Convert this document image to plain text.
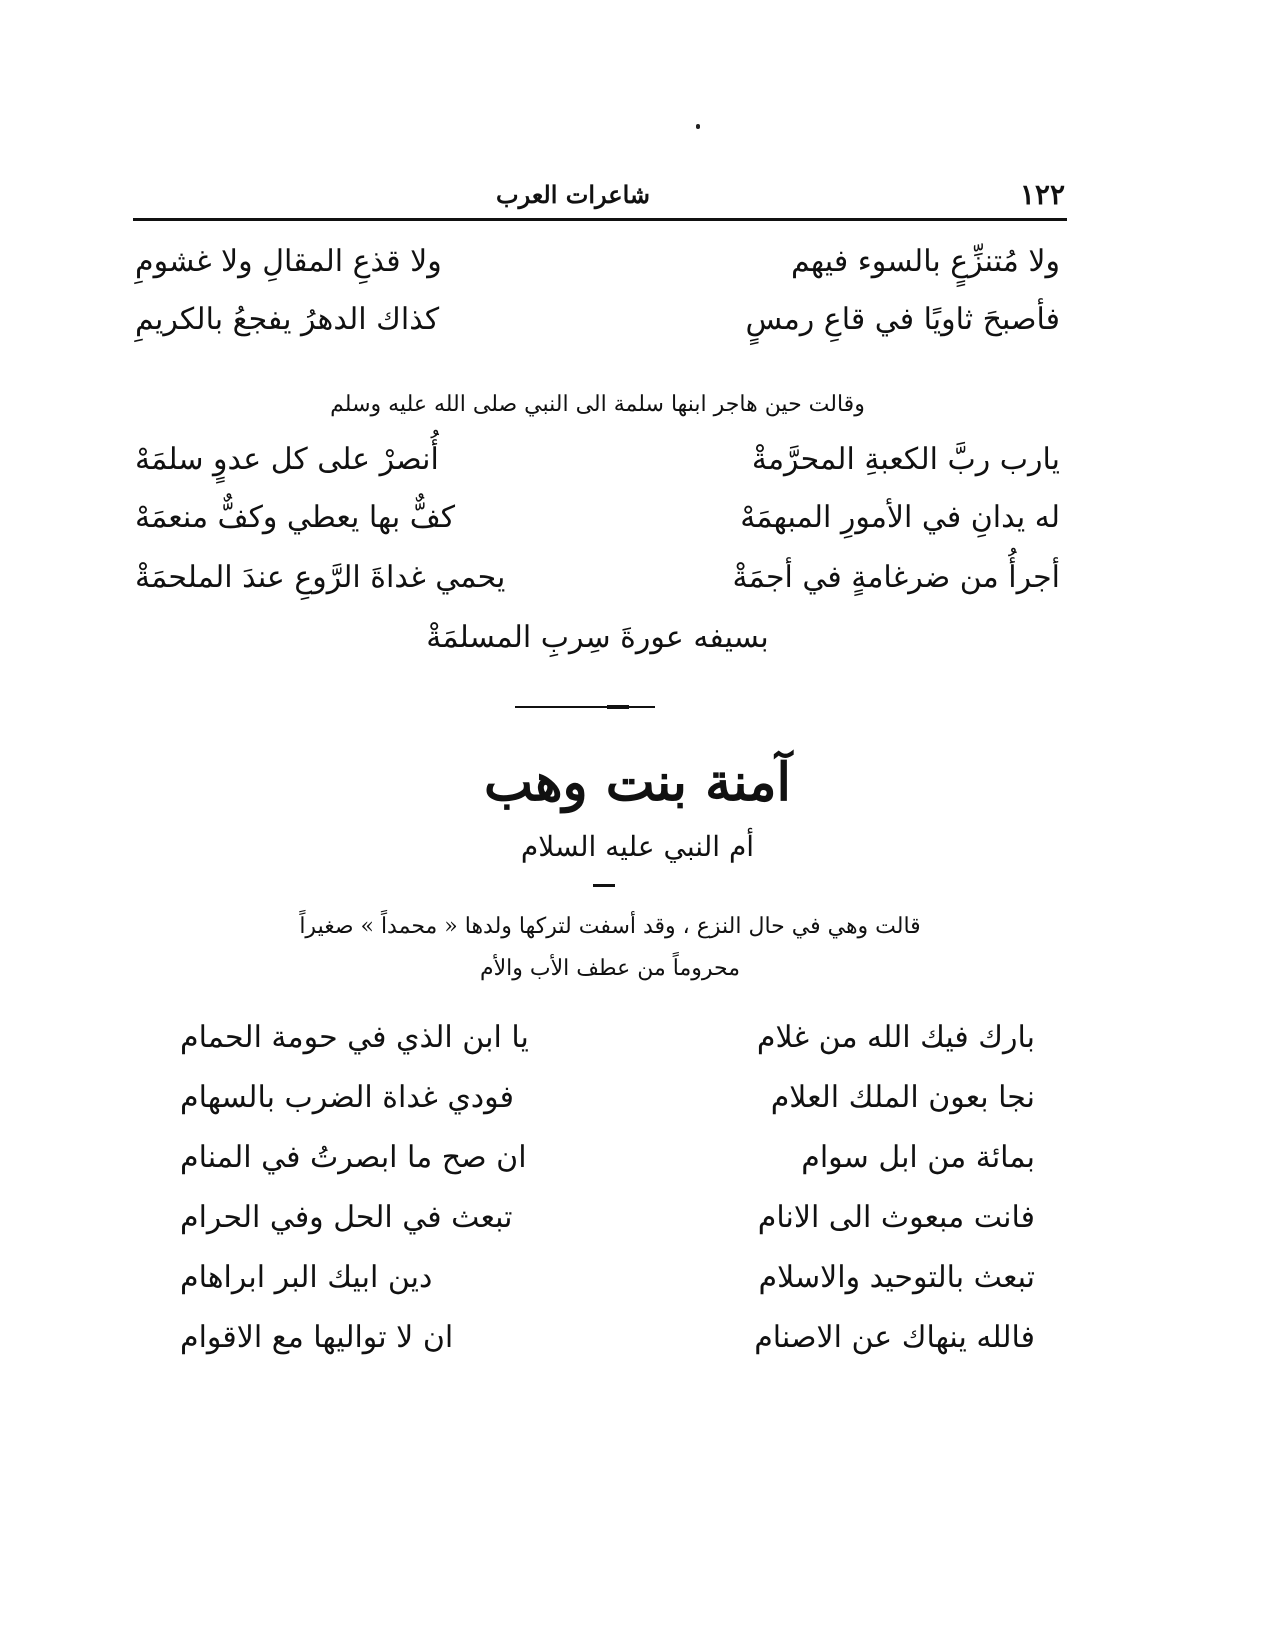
١٢٢
شاعرات العرب
ولا مُتنزِّعٍ بالسوء فيهم
ولا قذعِ المقالِ ولا غشومِ
فأصبحَ ثاويًا في قاعِ رمسٍ
كذاك الدهرُ يفجعُ بالكريمِ
وقالت حين هاجر ابنها سلمة الى النبي صلى الله عليه وسلم
يارب ربَّ الكعبةِ المحرَّمةْ
أُنصرْ على كل عدوٍ سلمَهْ
له يدانِ في الأمورِ المبهمَهْ
كفٌّ بها يعطي وكفٌّ منعمَهْ
أجرأُ من ضرغامةٍ في أجمَةْ
يحمي غداةَ الرَّوعِ عندَ الملحمَةْ
بسيفه عورةَ سِربِ المسلمَةْ
آمنة بنت وهب
أم النبي عليه السلام
قالت وهي في حال النزع ، وقد أسفت لتركها ولدها « محمداً » صغيراً
محروماً من عطف الأب والأم
بارك فيك الله من غلام
يا ابن الذي في حومة الحمام
نجا بعون الملك العلام
فودي غداة الضرب بالسهام
بمائة من ابل سوام
ان صح ما ابصرتُ في المنام
فانت مبعوث الى الانام
تبعث في الحل وفي الحرام
تبعث بالتوحيد والاسلام
دين ابيك البر ابراهام
فالله ينهاك عن الاصنام
ان لا تواليها مع الاقوام
